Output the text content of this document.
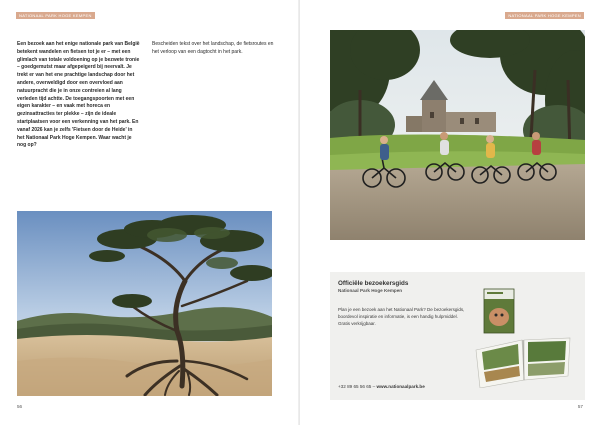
NATIONAAL PARK HOGE KEMPEN
Een bezoek aan het enige nationale park van België betekent wandelen en fietsen tot je er – met een glimlach van totale voldoening op je bezwete tronie – goedgemutst maar afgepeigerd bij neervalt. Je trekt er van het ene prachtige landschap door het andere, overweldigd door een overvloed aan natuurpracht die je in onze contreien al lang verleden tijd achtte. De toegangspoorten met een eigen karakter – en vaak met horeca en gezinsattracties ter plekke – zijn de ideale startplaatsen voor een verkenning van het park. En vanaf 2026 kan je zelfs 'Fietsen door de Heide' in het Nationaal Park Hoge Kempen. Waar wacht je nog op?
Bescheiden tekst over het landschap, de fietsroutes en het verloop van een dagtocht in het park.
56
NATIONAAL PARK HOGE KEMPEN
57
Officiële bezoekersgids
Nationaal Park Hoge Kempen
Plan je een bezoek aan het Nationaal Park? De bezoekersgids, boordevol inspiratie en informatie, is een handig hulpmiddel. Gratis verkrijgbaar.
+32 89 65 56 65 – www.nationaalpark.be
